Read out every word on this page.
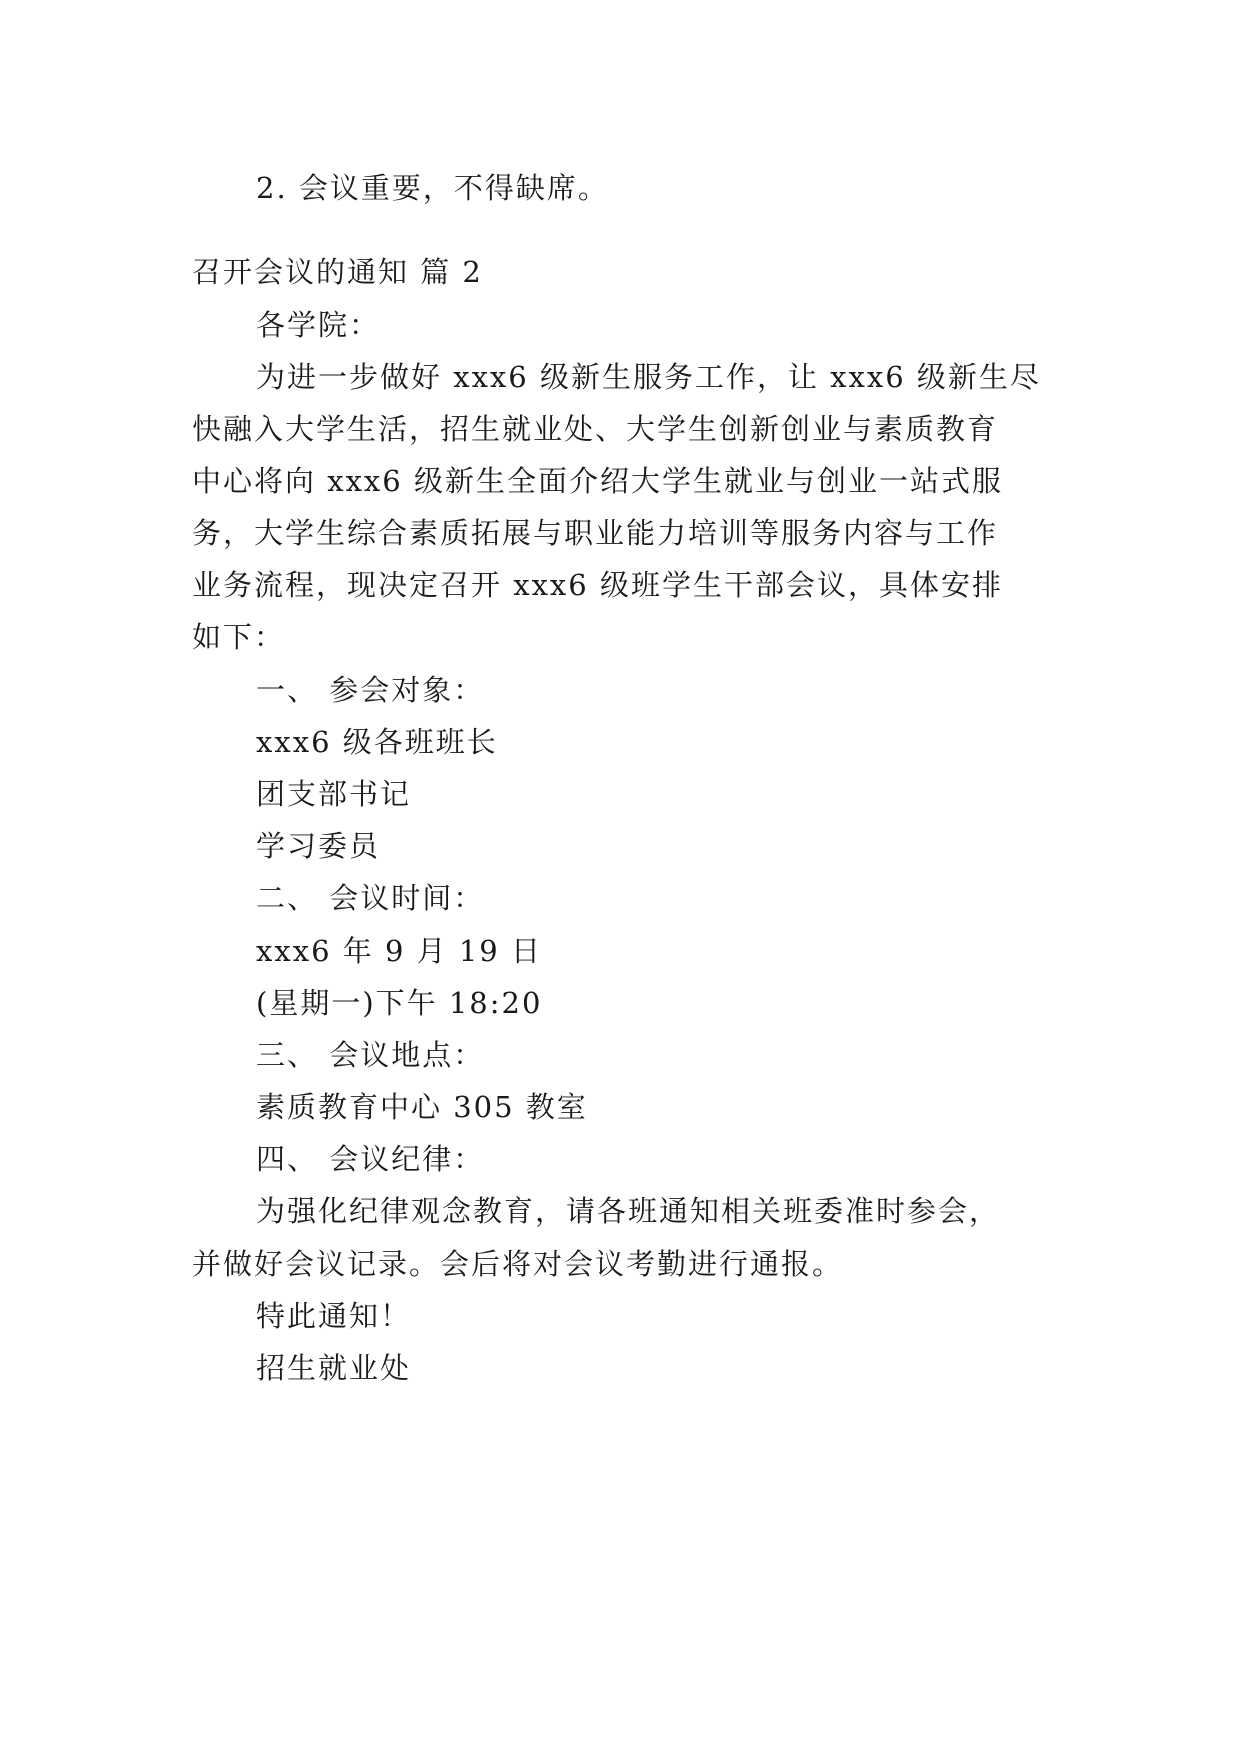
2. 会议重要，不得缺席。
召开会议的通知 篇 2
各学院：
为进一步做好 xxx6 级新生服务工作，让 xxx6 级新生尽
快融入大学生活，招生就业处、大学生创新创业与素质教育
中心将向 xxx6 级新生全面介绍大学生就业与创业一站式服
务，大学生综合素质拓展与职业能力培训等服务内容与工作
业务流程，现决定召开 xxx6 级班学生干部会议，具体安排
如下：
一、 参会对象：
xxx6 级各班班长
团支部书记
学习委员
二、 会议时间：
xxx6 年 9 月 19 日
(星期一)下午 18:20
三、 会议地点：
素质教育中心 305 教室
四、 会议纪律：
为强化纪律观念教育，请各班通知相关班委准时参会，
并做好会议记录。会后将对会议考勤进行通报。
特此通知！
招生就业处
